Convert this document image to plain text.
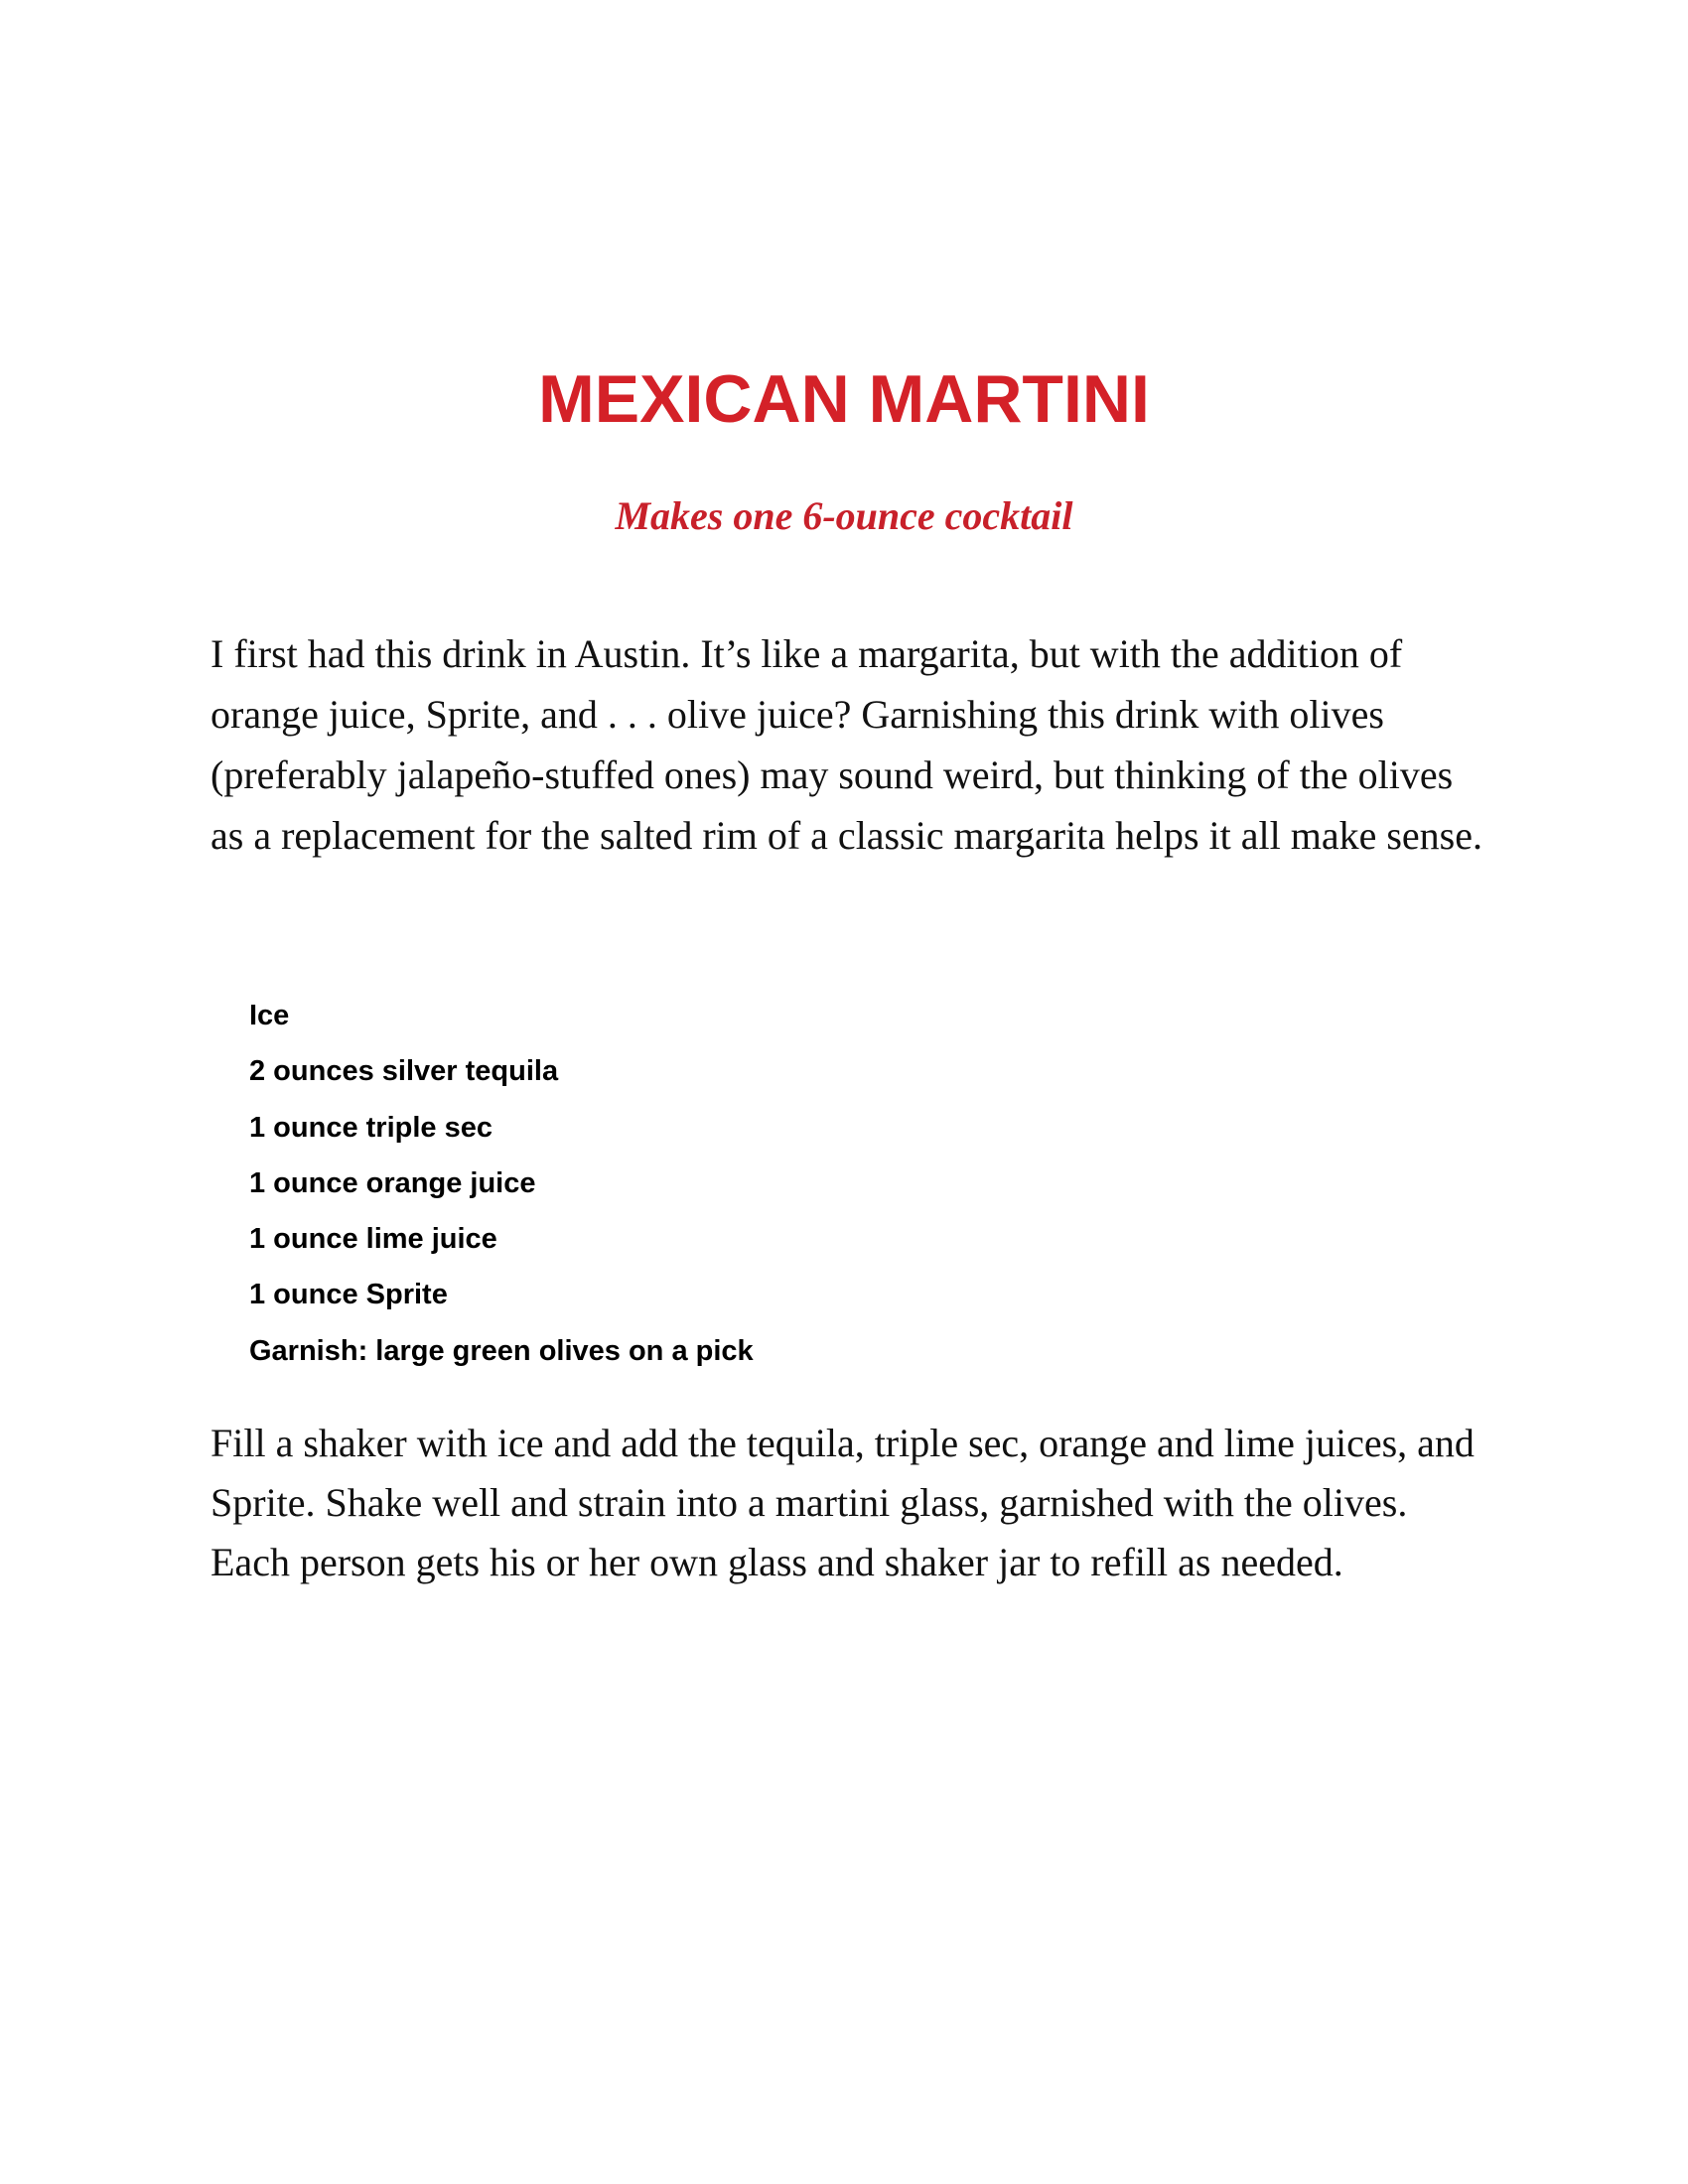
MEXICAN MARTINI

Makes one 6-ounce cocktail

I first had this drink in Austin. It’s like a margarita, but with the addition of orange juice, Sprite, and . . . olive juice? Garnishing this drink with olives (preferably jalapeño-stuffed ones) may sound weird, but thinking of the olives as a replacement for the salted rim of a classic margarita helps it all make sense.

Ice
2 ounces silver tequila
1 ounce triple sec
1 ounce orange juice
1 ounce lime juice
1 ounce Sprite
Garnish: large green olives on a pick

Fill a shaker with ice and add the tequila, triple sec, orange and lime juices, and Sprite. Shake well and strain into a martini glass, garnished with the olives. Each person gets his or her own glass and shaker jar to refill as needed.
